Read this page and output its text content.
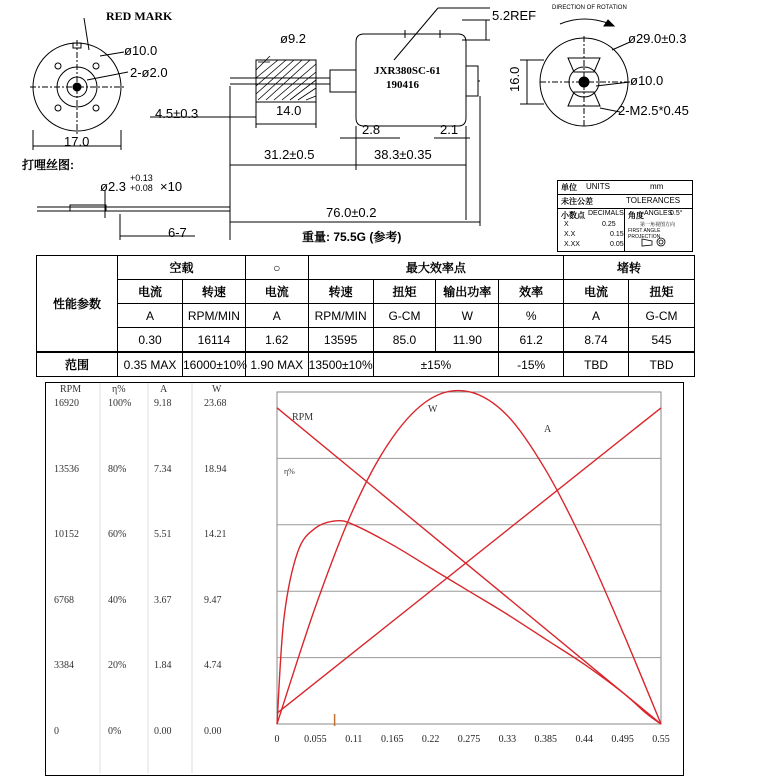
RED MARK
ø10.0
2-ø2.0
17.0
ø9.2
5.2REF	DIRECTION OF ROTATION
JXR380SC-61
190416
ø29.0±0.3
16.0	ø10.0
2-M2.5*0.45
4.5±0.3	14.0
2.8	2.1
31.2±0.5	38.3±0.35
76.0±0.2
打哩丝图:
ø2.3
+0.13
+0.08 ×10
6-7	重量: 75.5G (参考)
单位 UNITS	mm
未注公差	TOLERANCES
小数点 DECIMALS 角度 ANGLES
0.5°
X	0.25
X.X	0.15
X.XX	0.05
第一角视图方向
FIRST ANGLE PROJECTION
性能参数	空载		○	最大效率点				堵转	
	电流	转速	电流	转速	扭矩	输出功率	效率	电流	扭矩
	A	RPM/MIN	A	RPM/MIN	G-CM	W	%	A	G-CM
	0.30	16114	1.62	13595	85.0	11.90	61.2	8.74	545
范围	0.35 MAX	16000±10%	1.90 MAX	13500±10%	±15%		-15%	TBD	TBD
RPM	η%	A	W
16920	100% 9.18	23.68
13536	80%	7.34	18.94
10152	60%	5.51	14.21
6768	40%	3.67	9.47
3384	20%	1.84	4.74
0	0%	0.00	0.00
0 0.055 0.11 0.165 0.22 0.275 0.33 0.385 0.44 0.495 0.55
RPM
W
A
η%
